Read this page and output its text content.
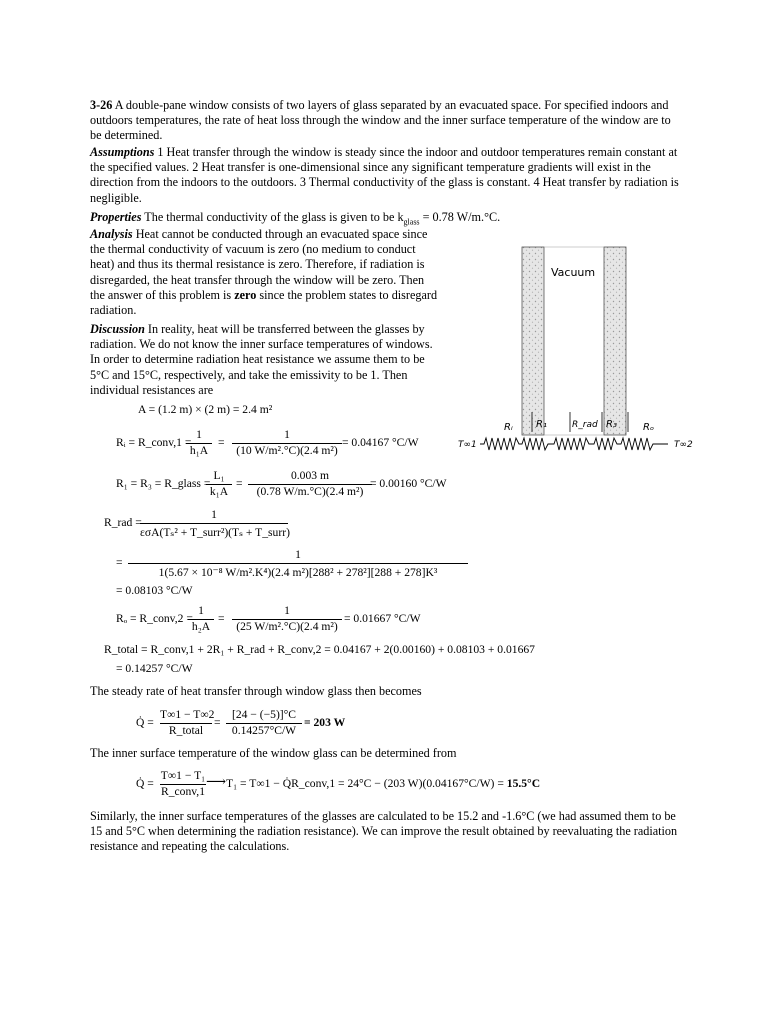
3-26 A double-pane window consists of two layers of glass separated by an evacuated space. For specified indoors and outdoors temperatures, the rate of heat loss through the window and the inner surface temperature of the window are to be determined.
Assumptions 1 Heat transfer through the window is steady since the indoor and outdoor temperatures remain constant at the specified values. 2 Heat transfer is one-dimensional since any significant temperature gradients will exist in the direction from the indoors to the outdoors. 3 Thermal conductivity of the glass is constant. 4 Heat transfer by radiation is negligible.
Properties The thermal conductivity of the glass is given to be $k_{glass} = 0.78$ W/m.°C.
Analysis Heat cannot be conducted through an evacuated space since the thermal conductivity of vacuum is zero (no medium to conduct heat) and thus its thermal resistance is zero. Therefore, if radiation is disregarded, the heat transfer through the window will be zero. Then the answer of this problem is zero since the problem states to disregard radiation.
Discussion In reality, heat will be transferred between the glasses by radiation. We do not know the inner surface temperatures of windows. In order to determine radiation heat resistance we assume them to be 5°C and 15°C, respectively, and take the emissivity to be 1. Then individual resistances are
Vacuum
Rᵢ R₁	R_rad R₃	Rₒ
T∞1	T∞2
A = (1.2 m) × (2 m) = 2.4 m²
Rᵢ = R_conv,1 =
1
h₁A
=
1
(10 W/m².°C)(2.4 m²)
= 0.04167 °C/W
R₁ = R₃ = R_glass =
L₁
k₁A
=
0.003 m
(0.78 W/m.°C)(2.4 m²)
= 0.00160 °C/W
R_rad =
1
εσA(Tₛ² + T_surr²)(Tₛ + T_surr)
=
1
1(5.67 × 10⁻⁸ W/m².K⁴)(2.4 m²)[288² + 278²][288 + 278]K³
= 0.08103 °C/W
Rₒ = R_conv,2 =
1
h₂A
=
1
(25 W/m².°C)(2.4 m²)
= 0.01667 °C/W
R_total = R_conv,1 + 2R₁ + R_rad + R_conv,2 = 0.04167 + 2(0.00160) + 0.08103 + 0.01667
= 0.14257 °C/W
The steady rate of heat transfer through window glass then becomes
Q̇ =
T∞1 − T∞2
R_total
=
[24 − (−5)]°C
0.14257°C/W
= 203 W
The inner surface temperature of the window glass can be determined from
Q̇ =
T∞1 − T₁
R_conv,1
⟶ T₁ = T∞1 − Q̇R_conv,1 = 24°C − (203 W)(0.04167°C/W) = 15.5°C
Similarly, the inner surface temperatures of the glasses are calculated to be 15.2 and -1.6°C (we had assumed them to be 15 and 5°C when determining the radiation resistance). We can improve the result obtained by reevaluating the radiation resistance and repeating the calculations.
